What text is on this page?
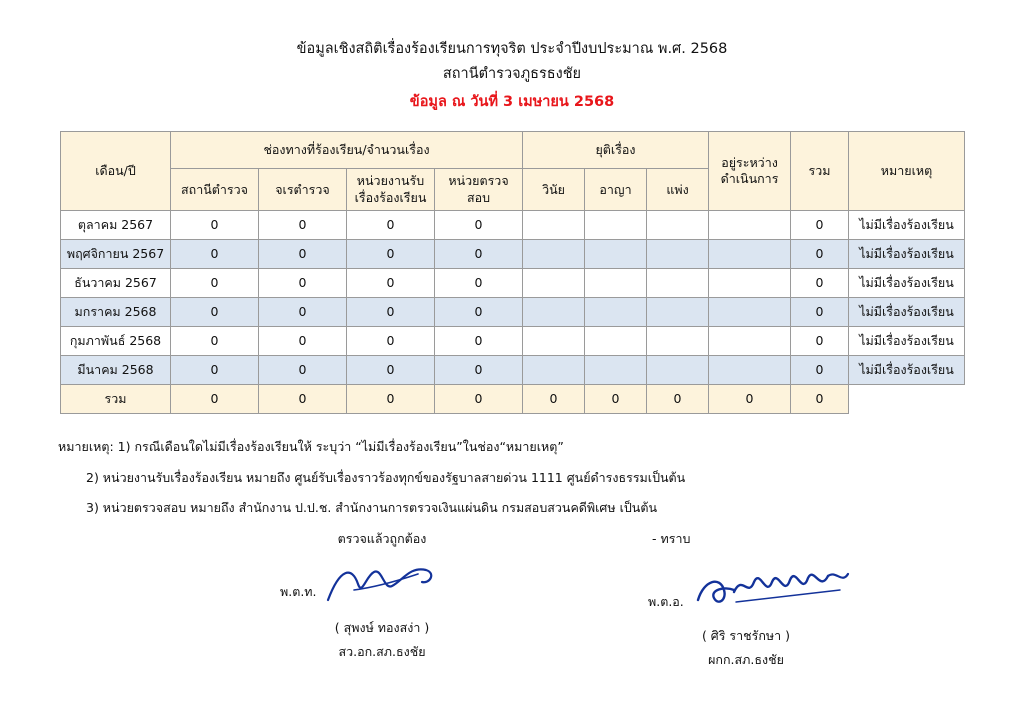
ข้อมูลเชิงสถิติเรื่องร้องเรียนการทุจริต ประจำปีงบประมาณ พ.ศ. 2568
สถานีตำรวจภูธรธงชัย
ข้อมูล ณ วันที่ 3 เมษายน 2568
เดือน/ปี	ช่องทางที่ร้องเรียน/จำนวนเรื่อง				ยุติเรื่อง			อยู่ระหว่างดำเนินการ	รวม	หมายเหตุ
	สถานีตำรวจ	จเรตำรวจ	หน่วยงานรับเรื่องร้องเรียน	หน่วยตรวจสอบ	วินัย	อาญา	แพ่ง			
ตุลาคม 2567	0	0	0	0					0	ไม่มีเรื่องร้องเรียน
พฤศจิกายน 2567	0	0	0	0					0	ไม่มีเรื่องร้องเรียน
ธันวาคม 2567	0	0	0	0					0	ไม่มีเรื่องร้องเรียน
มกราคม 2568	0	0	0	0					0	ไม่มีเรื่องร้องเรียน
กุมภาพันธ์ 2568	0	0	0	0					0	ไม่มีเรื่องร้องเรียน
มีนาคม 2568	0	0	0	0					0	ไม่มีเรื่องร้องเรียน
รวม	0	0	0	0	0	0	0	0	0	
หมายเหตุ: 1) กรณีเดือนใดไม่มีเรื่องร้องเรียนให้ ระบุว่า “ไม่มีเรื่องร้องเรียน”ในช่อง“หมายเหตุ”
2) หน่วยงานรับเรื่องร้องเรียน หมายถึง ศูนย์รับเรื่องราวร้องทุกข์ของรัฐบาลสายด่วน 1111 ศูนย์ดำรงธรรมเป็นต้น
3) หน่วยตรวจสอบ หมายถึง สำนักงาน ป.ป.ช. สำนักงานการตรวจเงินแผ่นดิน กรมสอบสวนคดีพิเศษ เป็นต้น
ตรวจแล้วถูกต้อง
พ.ต.ท.
( สุพงษ์ ทองสง่า )
สว.อก.สภ.ธงชัย
- ทราบ
พ.ต.อ.
( ศิริ ราชรักษา )
ผกก.สภ.ธงชัย
